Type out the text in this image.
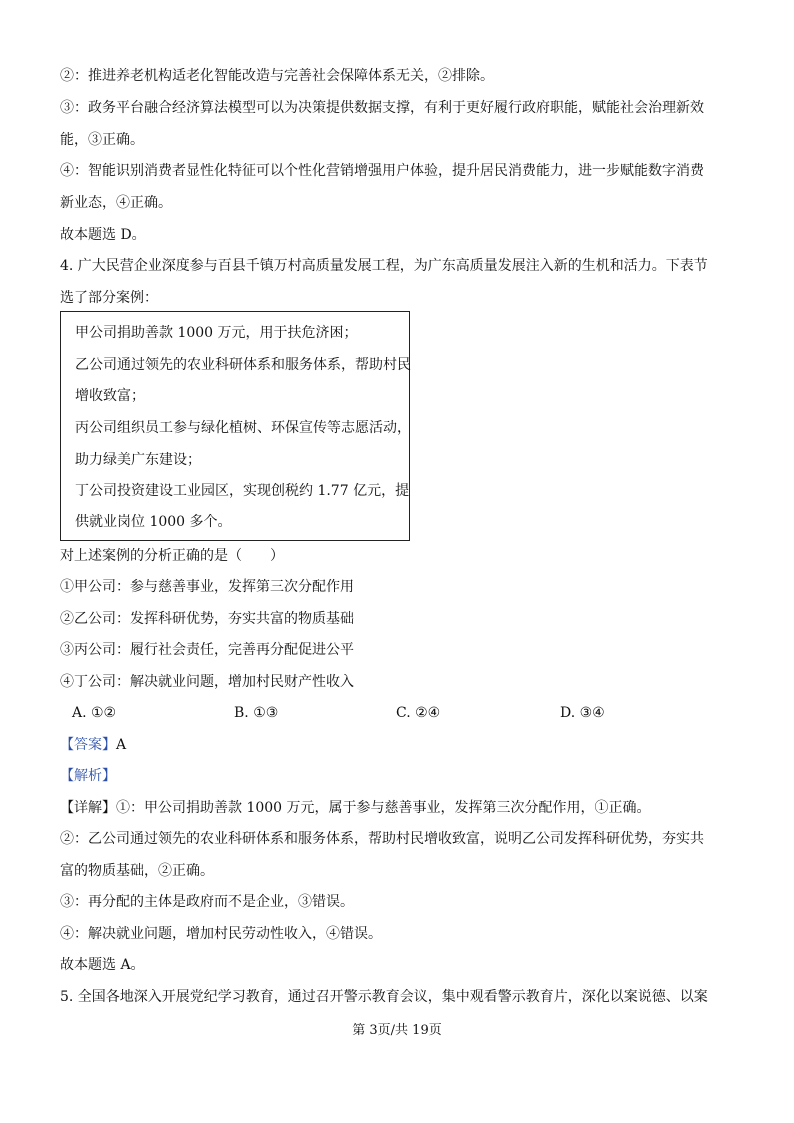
②：推进养老机构适老化智能改造与完善社会保障体系无关，②排除。
③：政务平台融合经济算法模型可以为决策提供数据支撑，有利于更好履行政府职能，赋能社会治理新效
能，③正确。
④：智能识别消费者显性化特征可以个性化营销增强用户体验，提升居民消费能力，进一步赋能数字消费
新业态，④正确。
故本题选 D。
4. 广大民营企业深度参与百县千镇万村高质量发展工程，为广东高质量发展注入新的生机和活力。下表节
选了部分案例：
甲公司捐助善款 1000 万元，用于扶危济困；
乙公司通过领先的农业科研体系和服务体系，帮助村民
增收致富；
丙公司组织员工参与绿化植树、环保宣传等志愿活动，
助力绿美广东建设；
丁公司投资建设工业园区，实现创税约 1.77 亿元，提
供就业岗位 1000 多个。
对上述案例的分析正确的是（　　）
①甲公司：参与慈善事业，发挥第三次分配作用
②乙公司：发挥科研优势，夯实共富的物质基础
③丙公司：履行社会责任，完善再分配促进公平
④丁公司：解决就业问题，增加村民财产性收入
A. ①②	B. ①③	C. ②④	D. ③④
【答案】A
【解析】
【详解】①：甲公司捐助善款 1000 万元，属于参与慈善事业，发挥第三次分配作用，①正确。
②：乙公司通过领先的农业科研体系和服务体系，帮助村民增收致富，说明乙公司发挥科研优势，夯实共
富的物质基础，②正确。
③：再分配的主体是政府而不是企业，③错误。
④：解决就业问题，增加村民劳动性收入，④错误。
故本题选 A。
5. 全国各地深入开展党纪学习教育，通过召开警示教育会议，集中观看警示教育片，深化以案说德、以案
第 3页/共 19页
